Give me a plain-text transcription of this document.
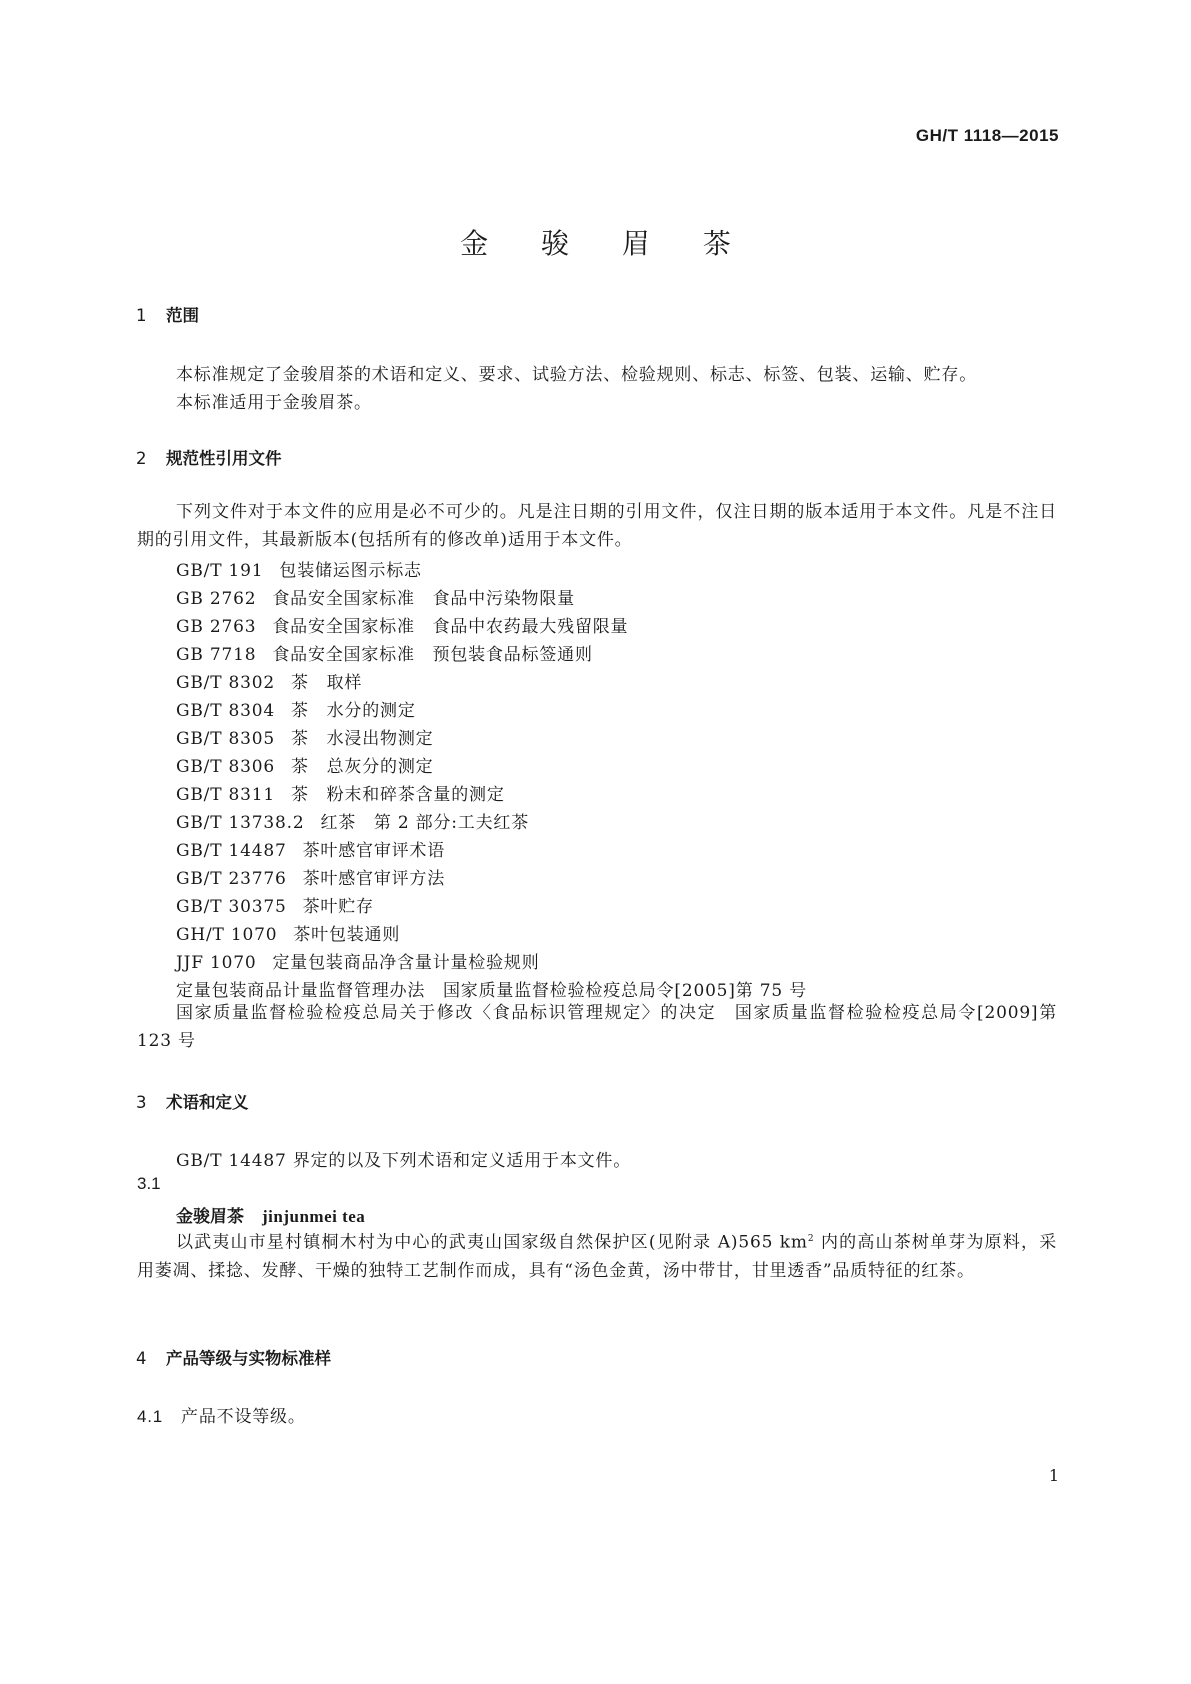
GH/T 1118—2015
金 骏 眉 茶
1 范围
本标准规定了金骏眉茶的术语和定义、要求、试验方法、检验规则、标志、标签、包装、运输、贮存。
本标准适用于金骏眉茶。
2 规范性引用文件
下列文件对于本文件的应用是必不可少的。凡是注日期的引用文件，仅注日期的版本适用于本文件。凡是不注日期的引用文件，其最新版本(包括所有的修改单)适用于本文件。
GB/T 191 包装储运图示标志
GB 2762 食品安全国家标准　食品中污染物限量
GB 2763 食品安全国家标准　食品中农药最大残留限量
GB 7718 食品安全国家标准　预包装食品标签通则
GB/T 8302 茶　取样
GB/T 8304 茶　水分的测定
GB/T 8305 茶　水浸出物测定
GB/T 8306 茶　总灰分的测定
GB/T 8311 茶　粉末和碎茶含量的测定
GB/T 13738.2 红茶　第 2 部分:工夫红茶
GB/T 14487 茶叶感官审评术语
GB/T 23776 茶叶感官审评方法
GB/T 30375 茶叶贮存
GH/T 1070 茶叶包装通则
JJF 1070 定量包装商品净含量计量检验规则
定量包装商品计量监督管理办法　国家质量监督检验检疫总局令[2005]第 75 号
国家质量监督检验检疫总局关于修改〈食品标识管理规定〉的决定　国家质量监督检验检疫总局令[2009]第 123 号
3 术语和定义
GB/T 14487 界定的以及下列术语和定义适用于本文件。
3.1
金骏眉茶 jinjunmei tea
以武夷山市星村镇桐木村为中心的武夷山国家级自然保护区(见附录 A)565 $km^2$ 内的高山茶树单芽为原料，采用萎凋、揉捻、发酵、干燥的独特工艺制作而成，具有“汤色金黄，汤中带甘，甘里透香”品质特征的红茶。
4 产品等级与实物标准样
4.1 产品不设等级。
1
